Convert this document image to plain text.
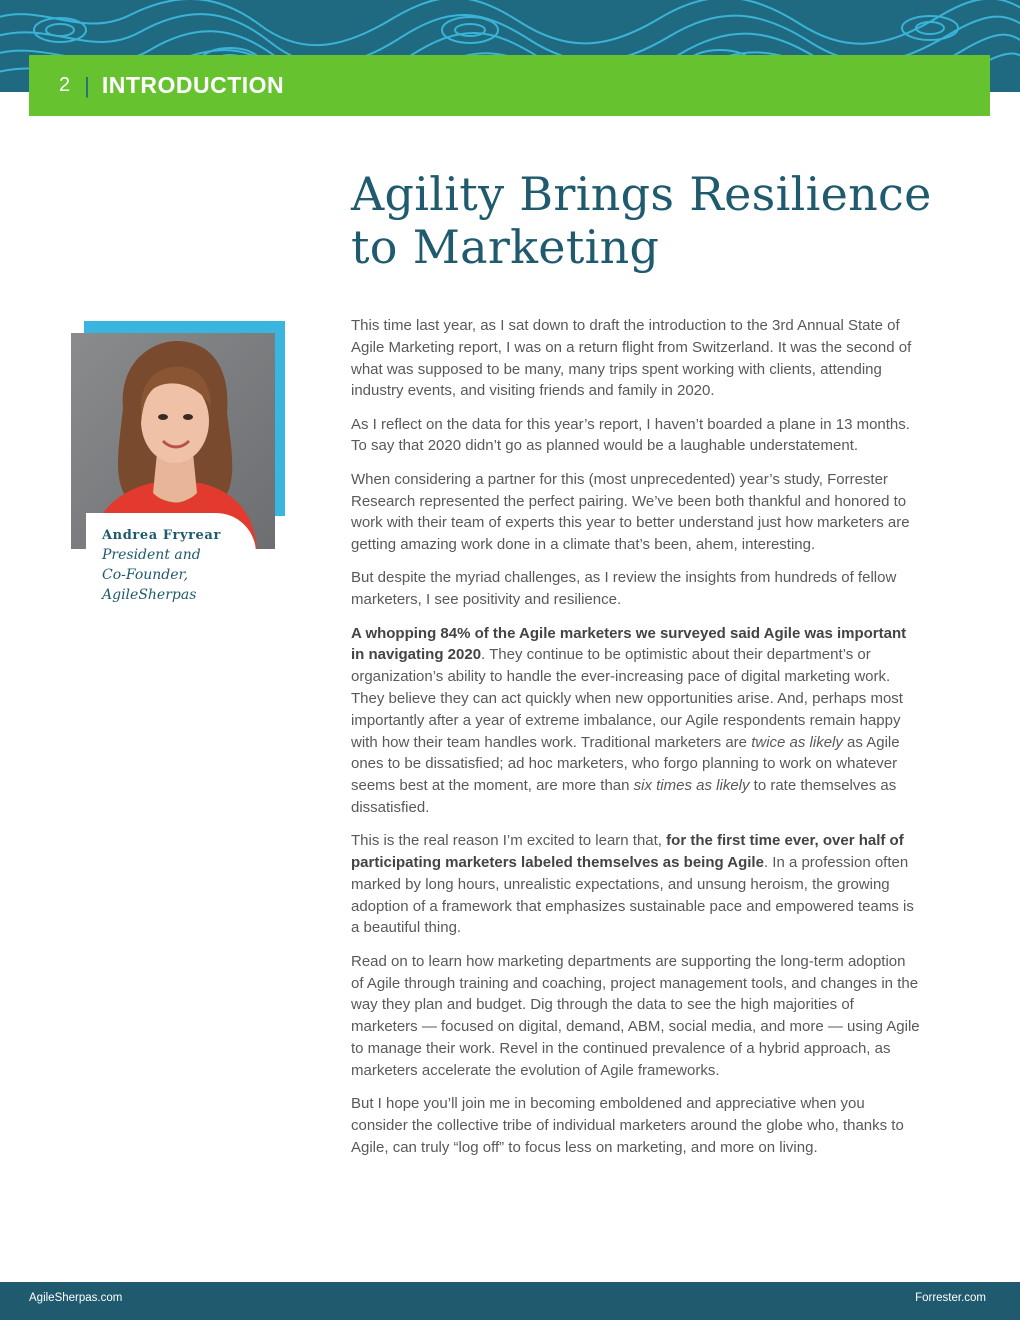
2 | INTRODUCTION
Agility Brings Resilience to Marketing
Andrea Fryrear
President and
Co-Founder,
AgileSherpas

This time last year, as I sat down to draft the introduction to the 3rd Annual State of Agile Marketing report, I was on a return flight from Switzerland. It was the second of what was supposed to be many, many trips spent working with clients, attending industry events, and visiting friends and family in 2020.

As I reflect on the data for this year’s report, I haven’t boarded a plane in 13 months. To say that 2020 didn’t go as planned would be a laughable understatement.

When considering a partner for this (most unprecedented) year’s study, Forrester Research represented the perfect pairing. We’ve been both thankful and honored to work with their team of experts this year to better understand just how marketers are getting amazing work done in a climate that’s been, ahem, interesting.

But despite the myriad challenges, as I review the insights from hundreds of fellow marketers, I see positivity and resilience.

A whopping 84% of the Agile marketers we surveyed said Agile was important in navigating 2020. They continue to be optimistic about their department’s or organization’s ability to handle the ever-increasing pace of digital marketing work. They believe they can act quickly when new opportunities arise. And, perhaps most importantly after a year of extreme imbalance, our Agile respondents remain happy with how their team handles work. Traditional marketers are twice as likely as Agile ones to be dissatisfied; ad hoc marketers, who forgo planning to work on whatever seems best at the moment, are more than six times as likely to rate themselves as dissatisfied.

This is the real reason I’m excited to learn that, for the first time ever, over half of participating marketers labeled themselves as being Agile. In a profession often marked by long hours, unrealistic expectations, and unsung heroism, the growing adoption of a framework that emphasizes sustainable pace and empowered teams is a beautiful thing.

Read on to learn how marketing departments are supporting the long-term adoption of Agile through training and coaching, project management tools, and changes in the way they plan and budget. Dig through the data to see the high majorities of marketers — focused on digital, demand, ABM, social media, and more — using Agile to manage their work. Revel in the continued prevalence of a hybrid approach, as marketers accelerate the evolution of Agile frameworks.

But I hope you’ll join me in becoming emboldened and appreciative when you consider the collective tribe of individual marketers around the globe who, thanks to Agile, can truly “log off” to focus less on marketing, and more on living.

AgileSherpas.com	Forrester.com
